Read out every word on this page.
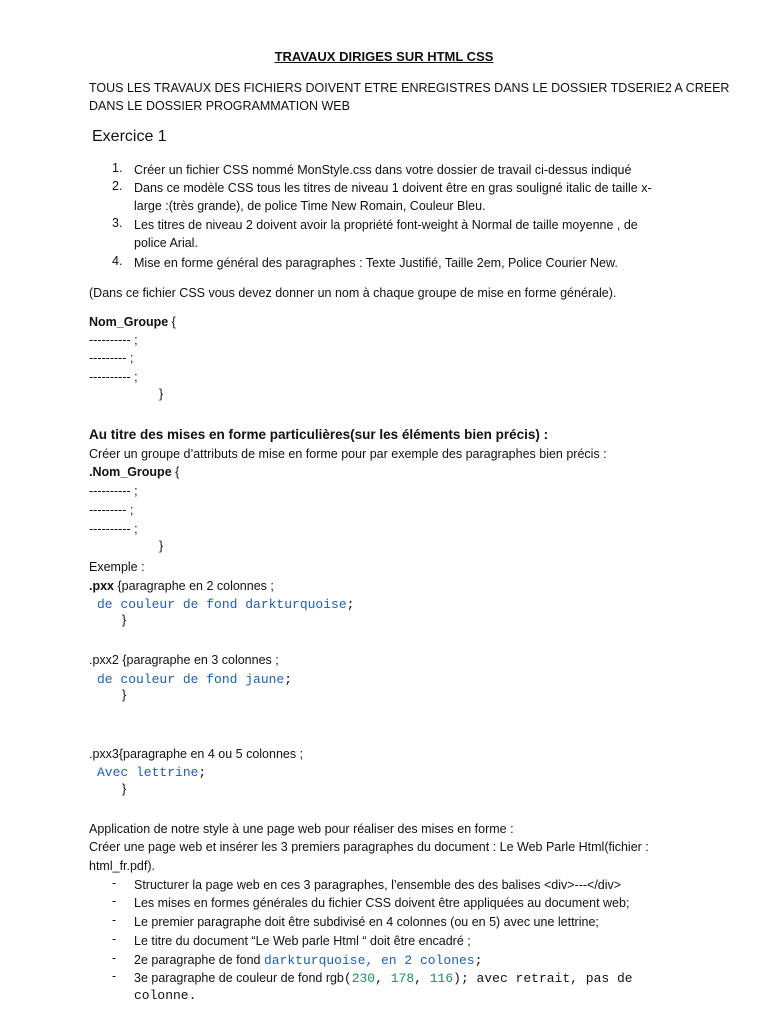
TRAVAUX DIRIGES SUR HTML CSS
TOUS LES TRAVAUX DES FICHIERS DOIVENT ETRE ENREGISTRES DANS LE DOSSIER TDSERIE2 A CREER
DANS LE DOSSIER PROGRAMMATION WEB
Exercice 1
1. Créer un fichier CSS nommé MonStyle.css dans votre dossier de travail ci-dessus indiqué
2. Dans ce modèle CSS tous les titres de niveau 1 doivent être en gras souligné italic de taille x-
large :(très grande), de police Time New Romain, Couleur Bleu.
3. Les titres de niveau 2 doivent avoir la propriété font-weight à Normal de taille moyenne , de
police Arial.
4. Mise en forme général des paragraphes : Texte Justifié, Taille 2em, Police Courier New.
(Dans ce fichier CSS vous devez donner un nom à chaque groupe de mise en forme générale).
Nom_Groupe {
---------- ;
--------- ;
---------- ;
}
Au titre des mises en forme particulières(sur les éléments bien précis) :
Créer un groupe d’attributs de mise en forme pour par exemple des paragraphes bien précis :
.Nom_Groupe {
---------- ;
--------- ;
---------- ;
}
Exemple :
.pxx {paragraphe en 2 colonnes ;
de couleur de fond darkturquoise;
}
.pxx2 {paragraphe en 3 colonnes ;
de couleur de fond jaune;
}
.pxx3{paragraphe en 4 ou 5 colonnes ;
Avec lettrine;
}
Application de notre style à une page web pour réaliser des mises en forme :
Créer une page web et insérer les 3 premiers paragraphes du document : Le Web Parle Html(fichier :
html_fr.pdf).
- Structurer la page web en ces 3 paragraphes, l’ensemble des des balises <div>---</div>
- Les mises en formes générales du fichier CSS doivent être appliquées au document web;
- Le premier paragraphe doit être subdivisé en 4 colonnes (ou en 5) avec une lettrine;
- Le titre du document “Le Web parle Html “ doit être encadré ;
- 2e paragraphe de fond darkturquoise, en 2 colones;
- 3e paragraphe de couleur de fond rgb(230, 178, 116); avec retrait, pas de
colonne.
